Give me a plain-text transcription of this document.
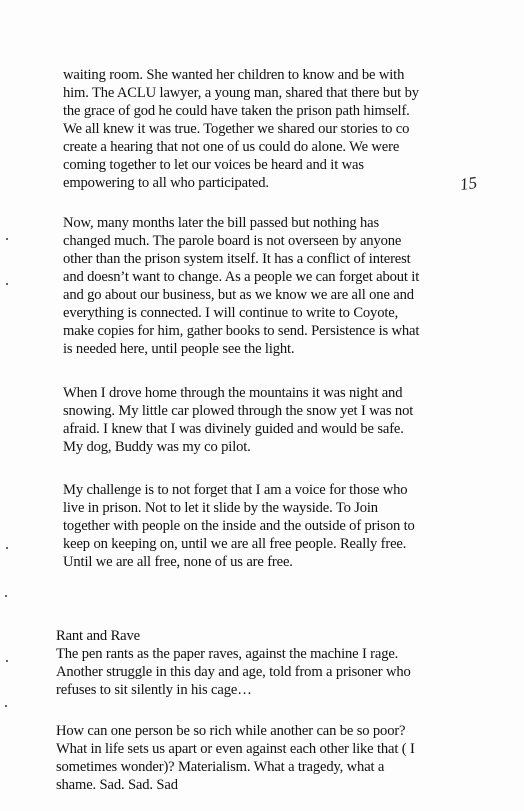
waiting room. She wanted her children to know and be with
him. The ACLU lawyer, a young man, shared that there but by
the grace of god he could have taken the prison path himself.
We all knew it was true. Together we shared our stories to co
create a hearing that not one of us could do alone. We were
coming together to let our voices be heard and it was
empowering to all who participated.	15
Now, many months later the bill passed but nothing has
changed much. The parole board is not overseen by anyone
other than the prison system itself. It has a conflict of interest
and doesn’t want to change. As a people we can forget about it
and go about our business, but as we know we are all one and
everything is connected. I will continue to write to Coyote,
make copies for him, gather books to send. Persistence is what
is needed here, until people see the light.
When I drove home through the mountains it was night and
snowing. My little car plowed through the snow yet I was not
afraid. I knew that I was divinely guided and would be safe.
My dog, Buddy was my co pilot.
My challenge is to not forget that I am a voice for those who
live in prison. Not to let it slide by the wayside. To Join
together with people on the inside and the outside of prison to
keep on keeping on, until we are all free people. Really free.
Until we are all free, none of us are free.
Rant and Rave
The pen rants as the paper raves, against the machine I rage.
Another struggle in this day and age, told from a prisoner who
refuses to sit silently in his cage…
How can one person be so rich while another can be so poor?
What in life sets us apart or even against each other like that ( I
sometimes wonder)? Materialism. What a tragedy, what a
shame. Sad. Sad. Sad
